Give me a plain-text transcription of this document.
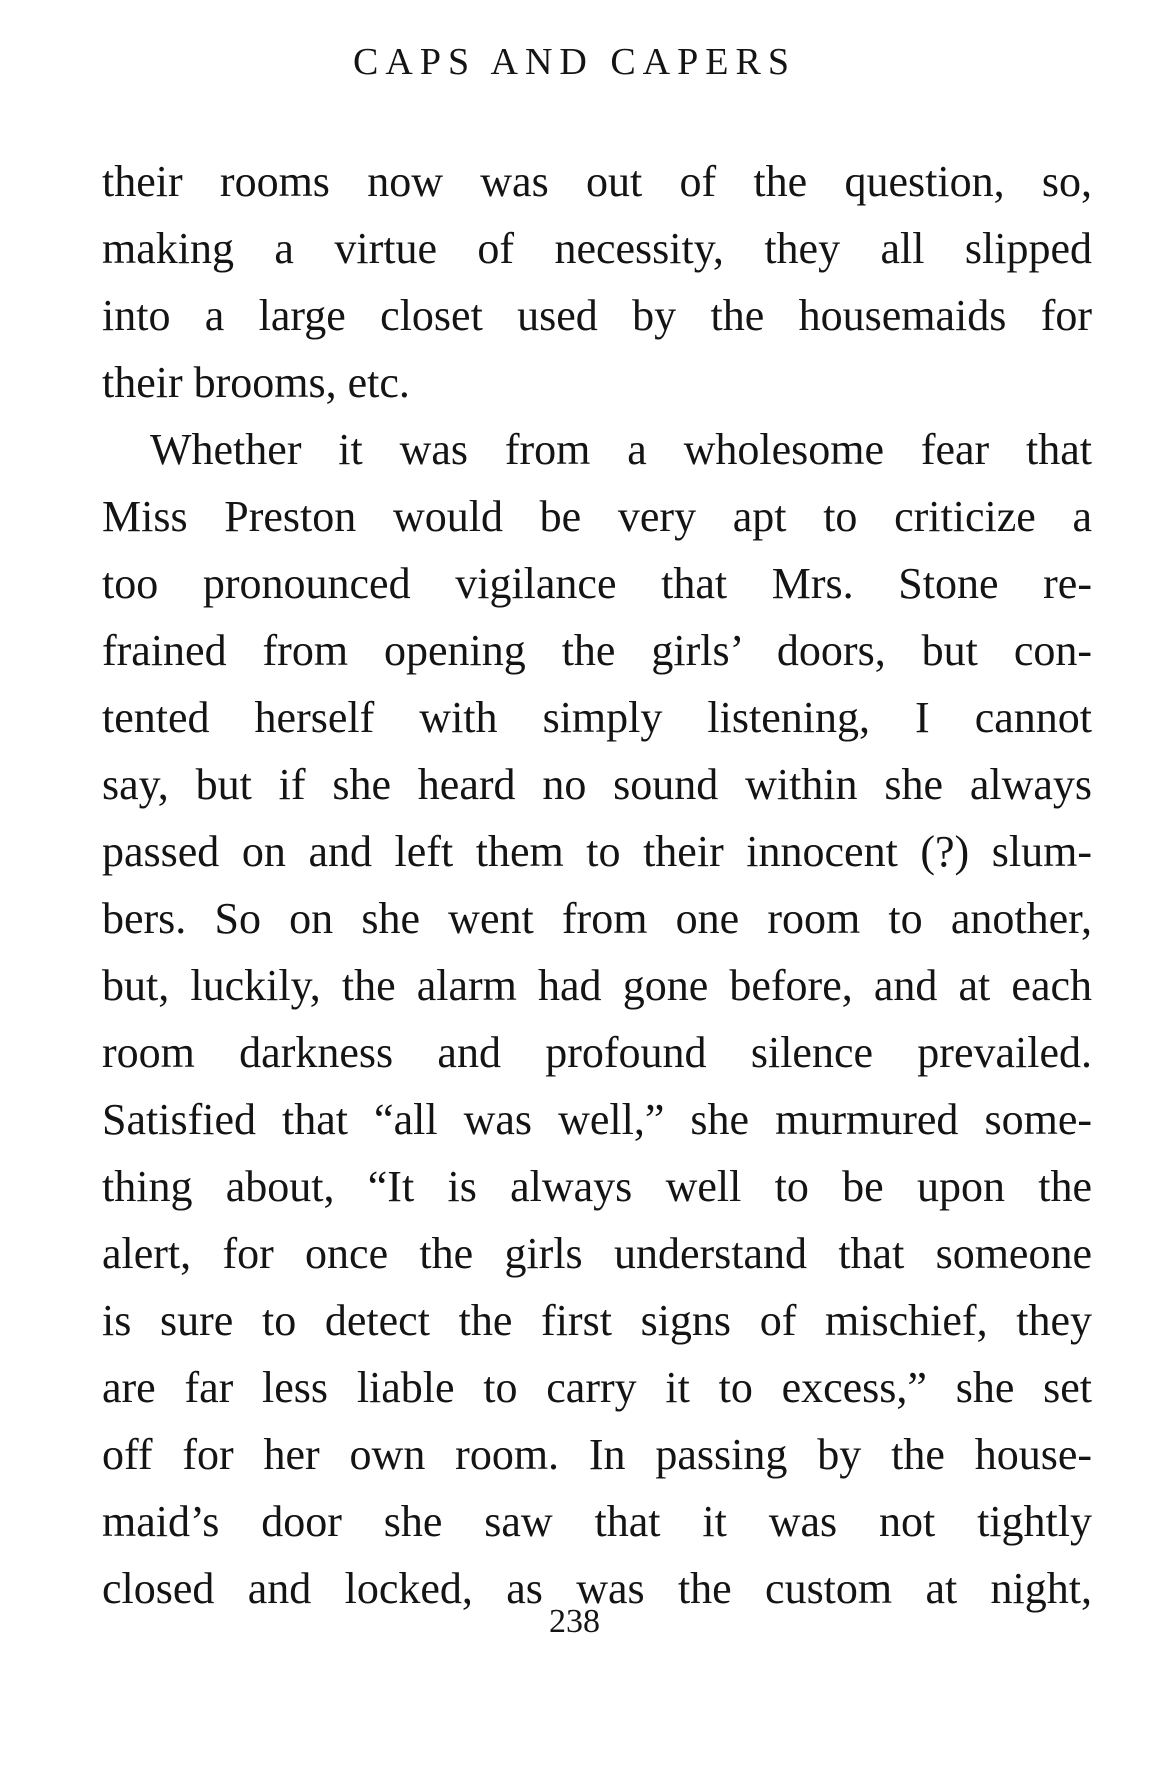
CAPS AND CAPERS
their rooms now was out of the question, so,
making a virtue of necessity, they all slipped
into a large closet used by the housemaids for
their brooms, etc.
Whether it was from a wholesome fear that
Miss Preston would be very apt to criticize a
too pronounced vigilance that Mrs. Stone re-
frained from opening the girls’ doors, but con-
tented herself with simply listening, I cannot
say, but if she heard no sound within she always
passed on and left them to their innocent (?) slum-
bers. So on she went from one room to another,
but, luckily, the alarm had gone before, and at each
room darkness and profound silence prevailed.
Satisfied that “all was well,” she murmured some-
thing about, “It is always well to be upon the
alert, for once the girls understand that someone
is sure to detect the first signs of mischief, they
are far less liable to carry it to excess,” she set
off for her own room. In passing by the house-
maid’s door she saw that it was not tightly
closed and locked, as was the custom at night,
238
